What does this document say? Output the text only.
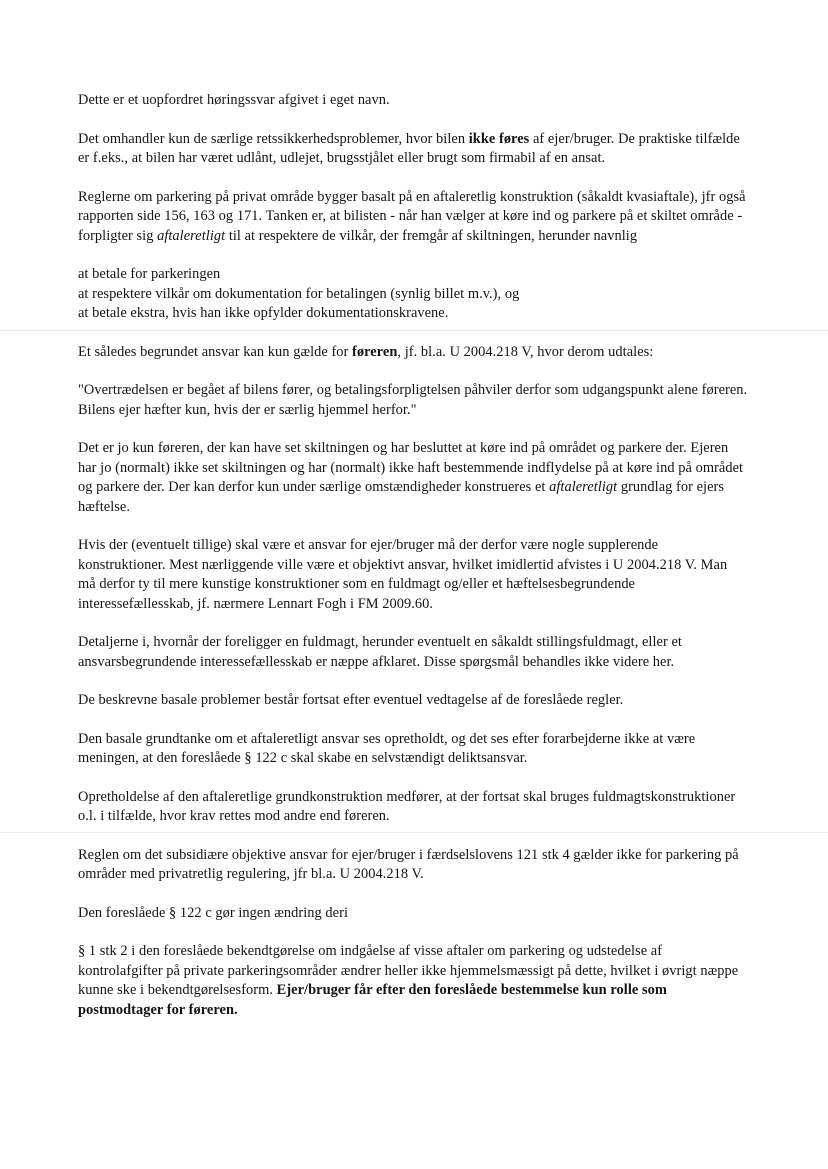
Dette er et uopfordret høringssvar afgivet i eget navn.

Det omhandler kun de særlige retssikkerhedsproblemer, hvor bilen ikke føres af ejer/bruger. De praktiske tilfælde er f.eks., at bilen har været udlånt, udlejet, brugsstjålet eller brugt som firmabil af en ansat.

Reglerne om parkering på privat område bygger basalt på en aftaleretlig konstruktion (såkaldt kvasiaftale), jfr også rapporten side 156, 163 og 171. Tanken er, at bilisten - når han vælger at køre ind og parkere på et skiltet område - forpligter sig aftaleretligt til at respektere de vilkår, der fremgår af skiltningen, herunder navnlig

at betale for parkeringen

at respektere vilkår om dokumentation for betalingen (synlig billet m.v.), og

at betale ekstra, hvis han ikke opfylder dokumentationskravene.

Et således begrundet ansvar kan kun gælde for føreren, jf. bl.a. U 2004.218 V, hvor derom udtales:

"Overtrædelsen er begået af bilens fører, og betalingsforpligtelsen påhviler derfor som udgangspunkt alene føreren. Bilens ejer hæfter kun, hvis der er særlig hjemmel herfor."

Det er jo kun føreren, der kan have set skiltningen og har besluttet at køre ind på området og parkere der. Ejeren har jo (normalt) ikke set skiltningen og har (normalt) ikke haft bestemmende indflydelse på at køre ind på området og parkere der. Der kan derfor kun under særlige omstændigheder konstrueres et aftaleretligt grundlag for ejers hæftelse.

Hvis der (eventuelt tillige) skal være et ansvar for ejer/bruger må der derfor være nogle supplerende konstruktioner. Mest nærliggende ville være et objektivt ansvar, hvilket imidlertid afvistes i U 2004.218 V. Man må derfor ty til mere kunstige konstruktioner som en fuldmagt og/eller et hæftelsesbegrundende interessefællesskab, jf. nærmere Lennart Fogh i FM 2009.60.

Detaljerne i, hvornår der foreligger en fuldmagt, herunder eventuelt en såkaldt stillingsfuldmagt, eller et ansvarsbegrundende interessefællesskab er næppe afklaret. Disse spørgsmål behandles ikke videre her.

De beskrevne basale problemer består fortsat efter eventuel vedtagelse af de foreslåede regler.

Den basale grundtanke om et aftaleretligt ansvar ses opretholdt, og det ses efter forarbejderne ikke at være meningen, at den foreslåede § 122 c skal skabe en selvstændigt deliktsansvar.

Opretholdelse af den aftaleretlige grundkonstruktion medfører, at der fortsat skal bruges fuldmagtskonstruktioner o.l. i tilfælde, hvor krav rettes mod andre end føreren.

Reglen om det subsidiære objektive ansvar for ejer/bruger i færdselslovens 121 stk 4 gælder ikke for parkering på områder med privatretlig regulering, jfr bl.a. U 2004.218 V.

Den foreslåede § 122 c gør ingen ændring deri

§ 1 stk 2 i den foreslåede bekendtgørelse om indgåelse af visse aftaler om parkering og udstedelse af kontrolafgifter på private parkeringsområder ændrer heller ikke hjemmelsmæssigt på dette, hvilket i øvrigt næppe kunne ske i bekendtgørelsesform. Ejer/bruger får efter den foreslåede bestemmelse kun rolle som postmodtager for føreren.
